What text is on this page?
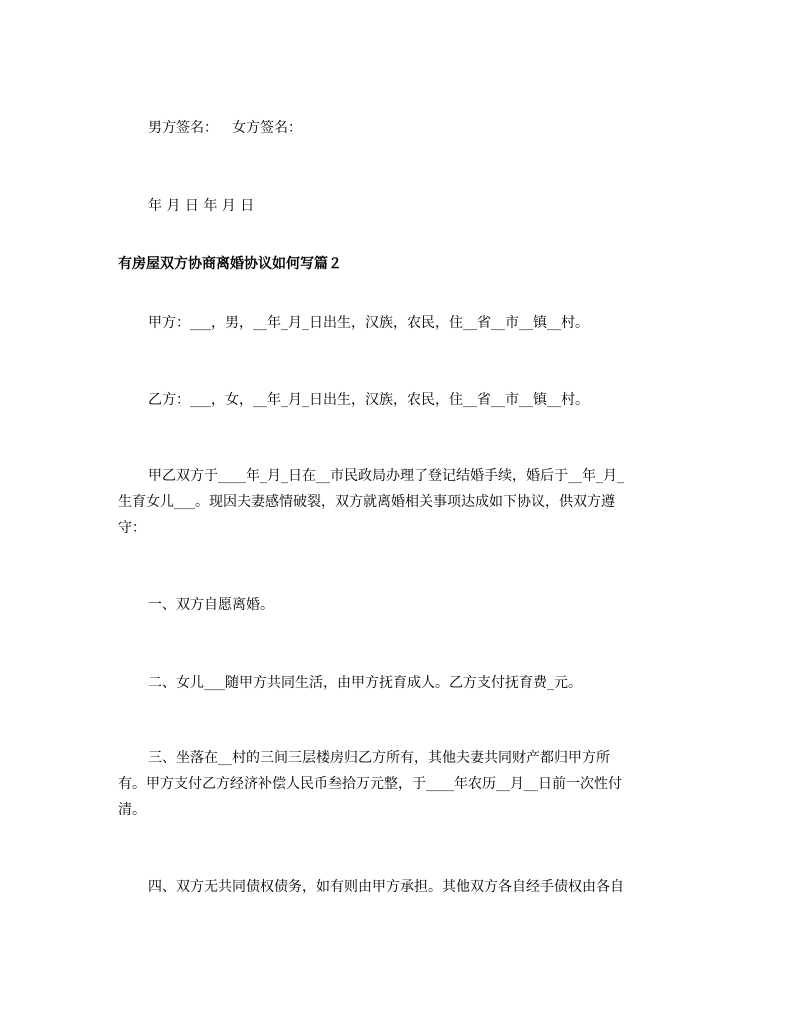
男方签名： 女方签名：

年 月 日 年 月 日

有房屋双方协商离婚协议如何写篇２

甲方：___，男，__年_月_日出生，汉族，农民，住__省__市__镇__村。

乙方：___，女，__年_月_日出生，汉族，农民，住__省__市__镇__村。

甲乙双方于____年_月_日在__市民政局办理了登记结婚手续，婚后于__年_月_

生育女儿___。现因夫妻感情破裂，双方就离婚相关事项达成如下协议，供双方遵

守：

一、双方自愿离婚。

二、女儿___随甲方共同生活，由甲方抚育成人。乙方支付抚育费_元。

三、坐落在__村的三间三层楼房归乙方所有，其他夫妻共同财产都归甲方所

有。甲方支付乙方经济补偿人民币叁拾万元整，于____年农历__月__日前一次性付

清。

四、双方无共同债权债务，如有则由甲方承担。其他双方各自经手债权由各自
